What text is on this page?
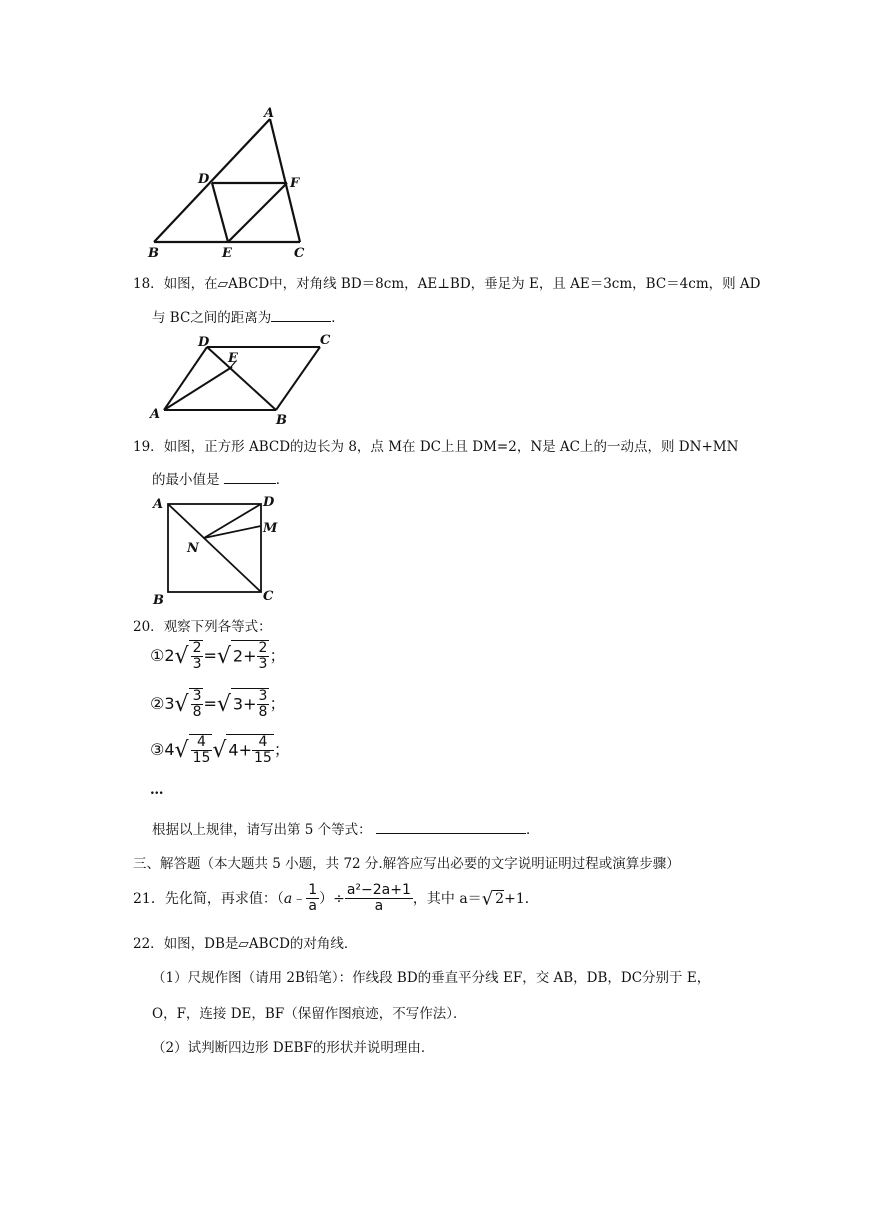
A
D	F
B	E	C
18．如图，在▱ABCD中，对角线 BD＝8cm，AE⊥BD，垂足为 E，且 AE＝3cm，BC＝4cm，则 AD
与 BC之间的距离为	．
D
E
C
A	B
19．如图，正方形 ABCD的边长为 8，点 M在 DC上且 DM=2，N是 AC上的一动点，则 DN+MN
的最小值是	．
A	D
M
N
B	C
20．观察下列各等式：
①2√ $\frac{2}{3}$ =√ $2+ \frac{2}{3}$ ；
②3√ $\frac{3}{8}$ =√ $3+ \frac{3}{8}$ ；
③4√ $\frac{4}{15}$ √ $4+ \frac{4}{15}$ ；
…
根据以上规律，请写出第 5 个等式：	．
三、解答题（本大题共 5 小题，共 72 分.解答应写出必要的文字说明证明过程或演算步骤）
21．先化简，再求值：（a﹣ $\frac{1}{a}$ ）÷ $\frac{\text{a²−2a+1}}{a}$ ，其中 a＝√ 2+1．
22．如图，DB是▱ABCD的对角线．
（1）尺规作图（请用 2B铅笔）：作线段 BD的垂直平分线 EF，交 AB，DB，DC分别于 E，
O，F，连接 DE，BF（保留作图痕迹，不写作法）．
（2）试判断四边形 DEBF的形状并说明理由．
